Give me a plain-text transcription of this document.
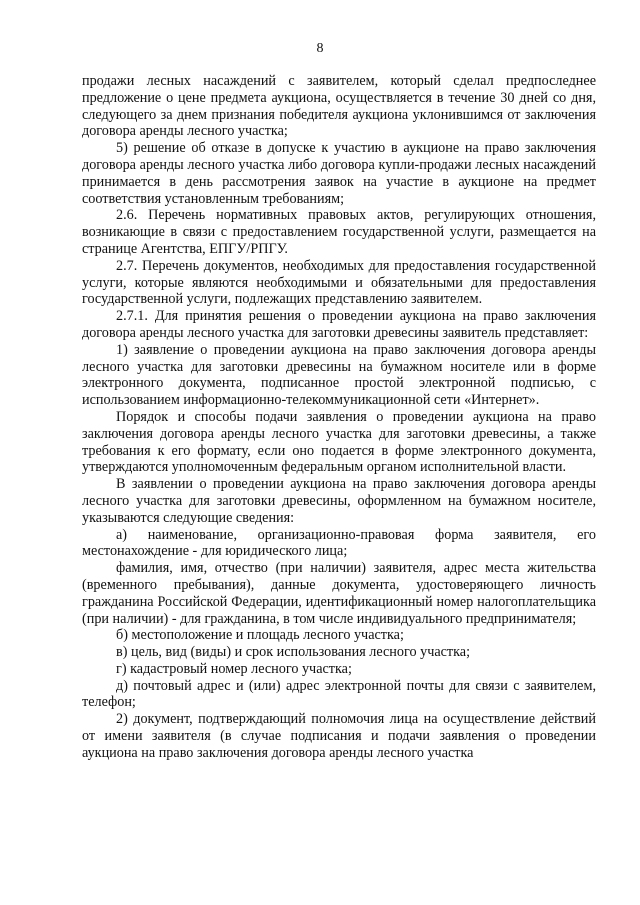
8

продажи лесных насаждений с заявителем, который сделал предпоследнее предложение о цене предмета аукциона, осуществляется в течение 30 дней со дня, следующего за днем признания победителя аукциона уклонившимся от заключения договора аренды лесного участка;

5) решение об отказе в допуске к участию в аукционе на право заключения договора аренды лесного участка либо договора купли-продажи лесных насаждений принимается в день рассмотрения заявок на участие в аукционе на предмет соответствия установленным требованиям;

2.6. Перечень нормативных правовых актов, регулирующих отношения, возникающие в связи с предоставлением государственной услуги, размещается на странице Агентства, ЕПГУ/РПГУ.

2.7. Перечень документов, необходимых для предоставления государственной услуги, которые являются необходимыми и обязательными для предоставления государственной услуги, подлежащих представлению заявителем.

2.7.1. Для принятия решения о проведении аукциона на право заключения договора аренды лесного участка для заготовки древесины заявитель представляет:

1) заявление о проведении аукциона на право заключения договора аренды лесного участка для заготовки древесины на бумажном носителе или в форме электронного документа, подписанное простой электронной подписью, с использованием информационно-телекоммуникационной сети «Интернет».

Порядок и способы подачи заявления о проведении аукциона на право заключения договора аренды лесного участка для заготовки древесины, а также требования к его формату, если оно подается в форме электронного документа, утверждаются уполномоченным федеральным органом исполнительной власти.

В заявлении о проведении аукциона на право заключения договора аренды лесного участка для заготовки древесины, оформленном на бумажном носителе, указываются следующие сведения:

а) наименование, организационно-правовая форма заявителя, его местонахождение - для юридического лица;

фамилия, имя, отчество (при наличии) заявителя, адрес места жительства (временного пребывания), данные документа, удостоверяющего личность гражданина Российской Федерации, идентификационный номер налогоплательщика (при наличии) - для гражданина, в том числе индивидуального предпринимателя;

б) местоположение и площадь лесного участка;

в) цель, вид (виды) и срок использования лесного участка;

г) кадастровый номер лесного участка;

д) почтовый адрес и (или) адрес электронной почты для связи с заявителем, телефон;

2) документ, подтверждающий полномочия лица на осуществление действий от имени заявителя (в случае подписания и подачи заявления о проведении аукциона на право заключения договора аренды лесного участка
